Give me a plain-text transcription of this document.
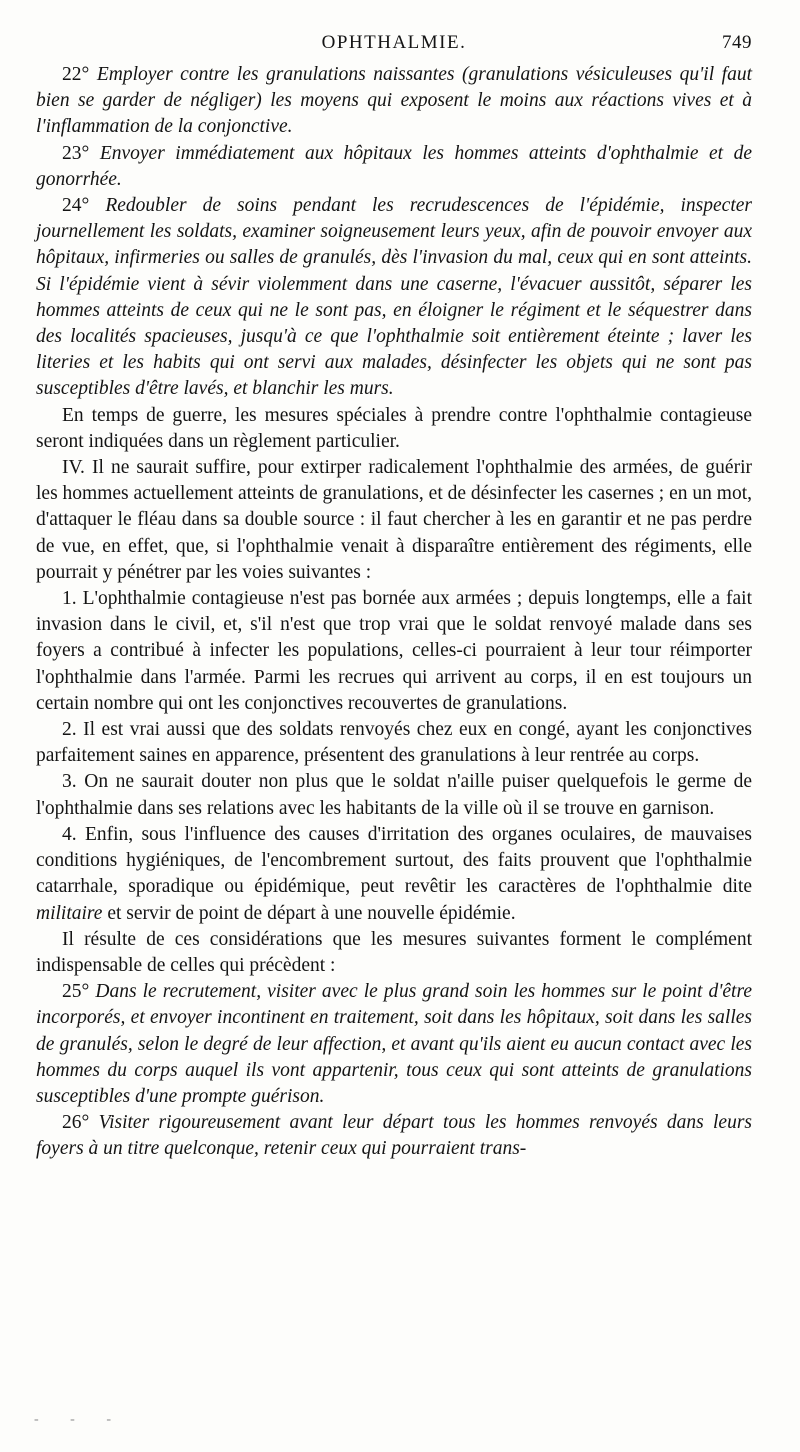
OPHTHALMIE.	749

22° Employer contre les granulations naissantes (granulations vésiculeuses qu'il faut bien se garder de négliger) les moyens qui exposent le moins aux réactions vives et à l'inflammation de la conjonctive.

23° Envoyer immédiatement aux hôpitaux les hommes atteints d'ophthalmie et de gonorrhée.

24° Redoubler de soins pendant les recrudescences de l'épidémie, inspecter journellement les soldats, examiner soigneusement leurs yeux, afin de pouvoir envoyer aux hôpitaux, infirmeries ou salles de granulés, dès l'invasion du mal, ceux qui en sont atteints. Si l'épidémie vient à sévir violemment dans une caserne, l'évacuer aussitôt, séparer les hommes atteints de ceux qui ne le sont pas, en éloigner le régiment et le séquestrer dans des localités spacieuses, jusqu'à ce que l'ophthalmie soit entièrement éteinte ; laver les literies et les habits qui ont servi aux malades, désinfecter les objets qui ne sont pas susceptibles d'être lavés, et blanchir les murs.

En temps de guerre, les mesures spéciales à prendre contre l'ophthalmie contagieuse seront indiquées dans un règlement particulier.

IV. Il ne saurait suffire, pour extirper radicalement l'ophthalmie des armées, de guérir les hommes actuellement atteints de granulations, et de désinfecter les casernes ; en un mot, d'attaquer le fléau dans sa double source : il faut chercher à les en garantir et ne pas perdre de vue, en effet, que, si l'ophthalmie venait à disparaître entièrement des régiments, elle pourrait y pénétrer par les voies suivantes :

1. L'ophthalmie contagieuse n'est pas bornée aux armées ; depuis longtemps, elle a fait invasion dans le civil, et, s'il n'est que trop vrai que le soldat renvoyé malade dans ses foyers a contribué à infecter les populations, celles-ci pourraient à leur tour réimporter l'ophthalmie dans l'armée. Parmi les recrues qui arrivent au corps, il en est toujours un certain nombre qui ont les conjonctives recouvertes de granulations.

2. Il est vrai aussi que des soldats renvoyés chez eux en congé, ayant les conjonctives parfaitement saines en apparence, présentent des granulations à leur rentrée au corps.

3. On ne saurait douter non plus que le soldat n'aille puiser quelquefois le germe de l'ophthalmie dans ses relations avec les habitants de la ville où il se trouve en garnison.

4. Enfin, sous l'influence des causes d'irritation des organes oculaires, de mauvaises conditions hygiéniques, de l'encombrement surtout, des faits prouvent que l'ophthalmie catarrhale, sporadique ou épidémique, peut revêtir les caractères de l'ophthalmie dite militaire et servir de point de départ à une nouvelle épidémie.

Il résulte de ces considérations que les mesures suivantes forment le complément indispensable de celles qui précèdent :

25° Dans le recrutement, visiter avec le plus grand soin les hommes sur le point d'être incorporés, et envoyer incontinent en traitement, soit dans les hôpitaux, soit dans les salles de granulés, selon le degré de leur affection, et avant qu'ils aient eu aucun contact avec les hommes du corps auquel ils vont appartenir, tous ceux qui sont atteints de granulations susceptibles d'une prompte guérison.

26° Visiter rigoureusement avant leur départ tous les hommes renvoyés dans leurs foyers à un titre quelconque, retenir ceux qui pourraient trans-

‐ ‐ ‐
